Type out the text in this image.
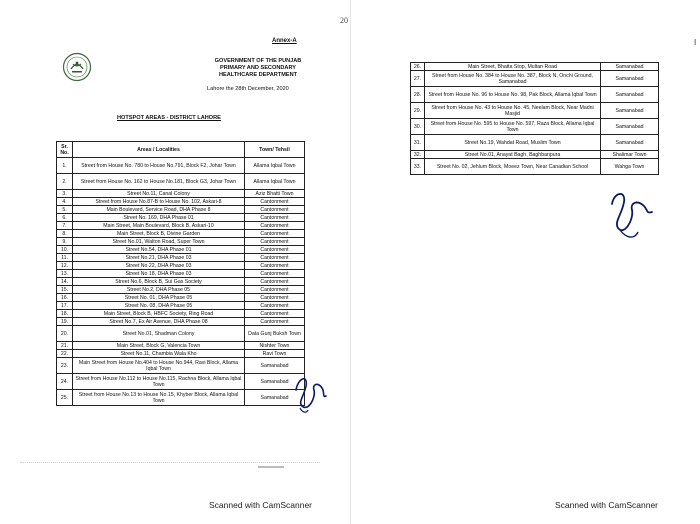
20
I
Annex-A
GOVERNMENT OF THE PUNJAB
PRIMARY AND SECONDARY
HEALTHCARE DEPARTMENT
Lahore the 28th December, 2020
HOTSPOT AREAS - DISTRICT LAHORE
Sr. No.	Areas / Localities	Town/ Tehsil
1.	Street from House No. 780 to House No.791, Block F2, Johar Town	Allama Iqbal Town
2.	Street from House No. 162 to House No.181, Block G3, Johar Town	Allama Iqbal Town
3.	Street No.11, Canal Colony	Aziz Bhatti Town
4.	Street from House No.87-B to House No. 102, Askari-8	Cantonment
5.	Main Boulevard, Service Road, DHA Phase 8	Cantonment
6.	Street No. 169, DHA Phase 01	Cantonment
7.	Main Street, Main Boulevard, Block B, Askari-10	Cantonment
8.	Main Street, Block B, Divine Garden	Cantonment
9.	Street No.01, Walton Road, Super Town	Cantonment
10.	Street No.54, DHA Phase 01	Cantonment
11.	Street No.21, DHA Phase 03	Cantonment
12.	Street No 22, DHA Phase 03	Cantonment
13.	Street No 18, DHA Phase 03	Cantonment
14.	Street No.6, Block B, Sui Gas Society	Cantonment
15.	Street No.2, DHA Phase 05	Cantonment
16.	Street No. 01, DHA Phase 05	Cantonment
17.	Street No. 08, DHA Phase 05	Cantonment
18.	Main Street, Block B, HBFC Society, Ring Road	Cantonment
19.	Street No.7, Ex Air Avenue, DHA Phase 08	Cantonment
20.	Street No.01, Shadman Colony	Data Gunj Buksh Town
21.	Main Street, Block G, Valencia Town	Nishter Town
22.	Street No.11, Chambia Wala Kho	Ravi Town
23.	Main Street from House No.404 to House No.944, Ravi Block, Allama Iqbal Town	Samanabad
24.	Street from House No.112 to House No.115, Rachna Block, Allama Iqbal Town	Samanabad
25.	Street from House No.13 to House No.15, Khyber Block, Allama Iqbal Town	Samanabad
26.	Main Street, Bhatta Stop, Multan Road	Samanabad
27.	Street from House No. 384 to House No. 387, Block N, Onchi Ground, Samanabad	Samanabad
28.	Street from House No. 96 to House No. 98, Pak Block, Allama Iqbal Town	Samanabad
29.	Street from House No. 43 to House No. 45, Neelam Block, Near Madni Masjid	Samanabad
30.	Street from House No. 595 to House No. 597, Raza Block, Allama Iqbal Town	Samanabad
31.	Street No.19, Wahdat Road, Muslim Town	Samanabad
32.	Street No.01, Anayat Bagh, Baghbanpura	Shalimar Town
33.	Street No. 02, Jehlum Block, Moeez Town, Near Canadian School	Wahga Town
Scanned with CamScanner	Scanned with CamScanner
